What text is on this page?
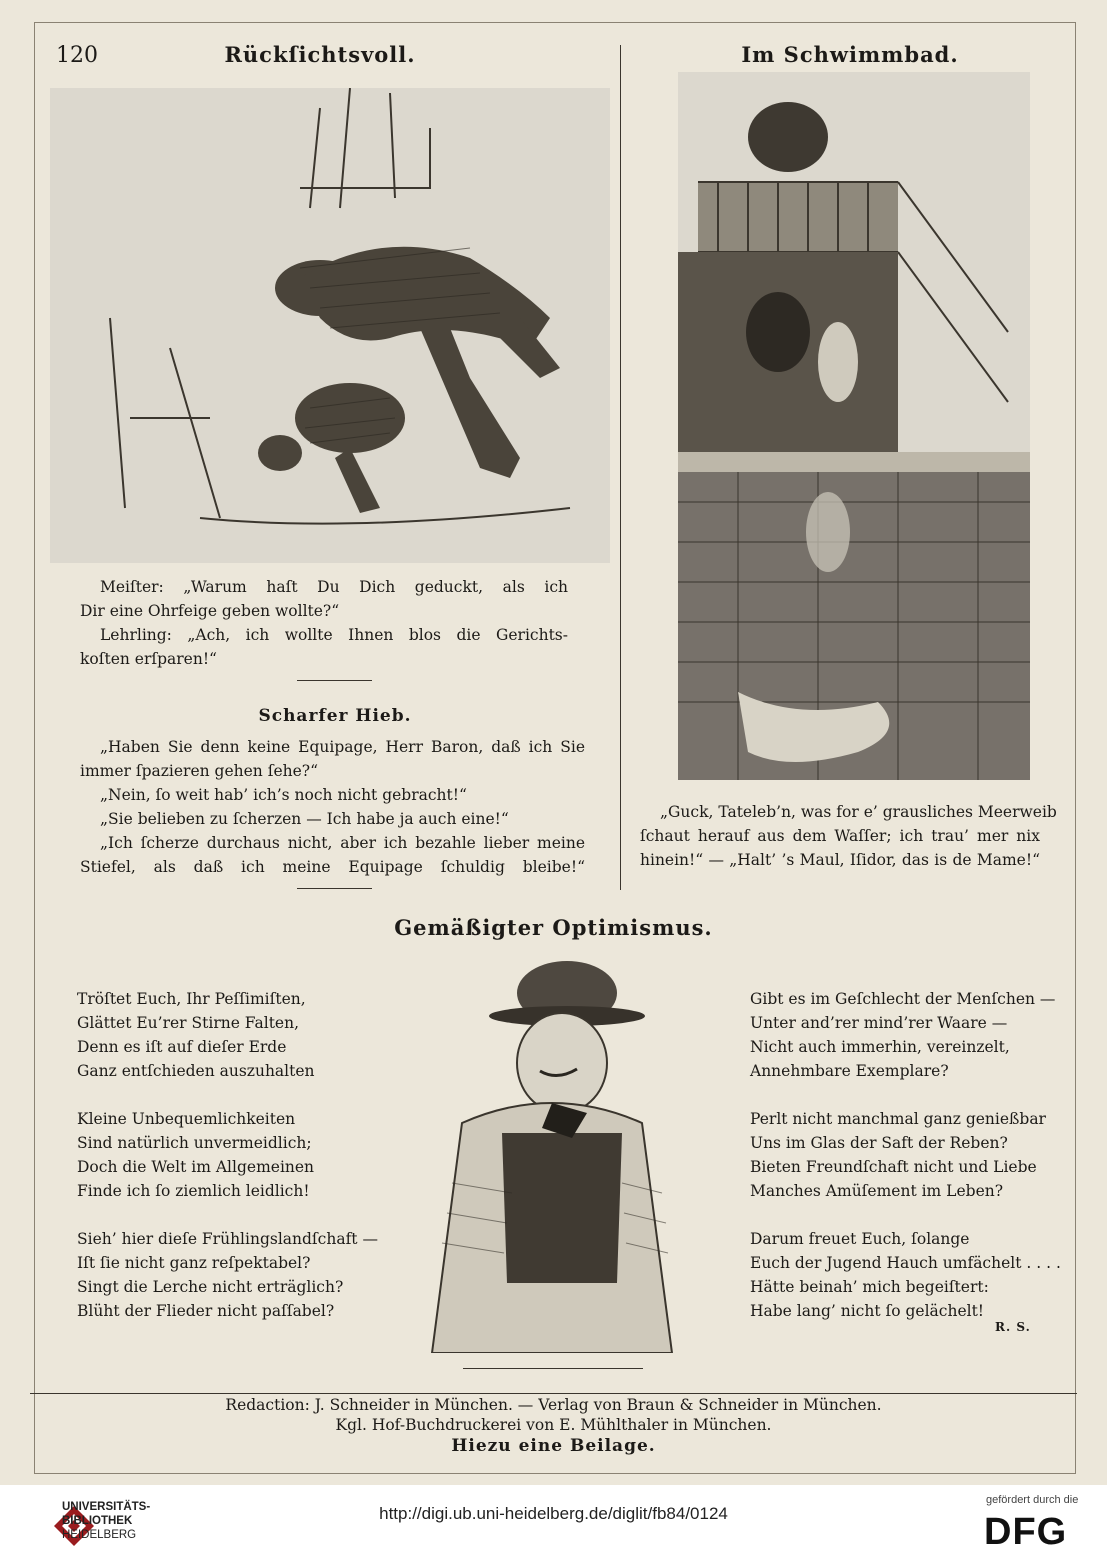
120	Rückſichtsvoll.
Meiſter: „Warum haſt Du Dich geduckt, als ich
Dir eine Ohrfeige geben wollte?“
Lehrling: „Ach, ich wollte Ihnen blos die Gerichts-
koſten erſparen!“
Scharfer Hieb.
„Haben Sie denn keine Equipage, Herr Baron, daß ich Sie
immer ſpazieren gehen ſehe?“
„Nein, ſo weit hab’ ich’s noch nicht gebracht!“
„Sie belieben zu ſcherzen — Ich habe ja auch eine!“
„Ich ſcherze durchaus nicht, aber ich bezahle lieber meine
Stiefel, als daß ich meine Equipage ſchuldig bleibe!“
Im Schwimmbad.
„Guck, Tateleb’n, was for e’ grausliches Meerweib
ſchaut herauf aus dem Waſſer; ich trau’ mer nix
hinein!“ — „Halt’ ’s Maul, Iſidor, das is de Mame!“
Gemäßigter Optimismus.
Tröſtet Euch, Ihr Peſſimiſten,
Glättet Eu’rer Stirne Falten,
Denn es iſt auf dieſer Erde
Ganz entſchieden auszuhalten
Kleine Unbequemlichkeiten
Sind natürlich unvermeidlich;
Doch die Welt im Allgemeinen
Finde ich ſo ziemlich leidlich!
Sieh’ hier dieſe Frühlingslandſchaft —
Iſt ſie nicht ganz reſpektabel?
Singt die Lerche nicht erträglich?
Blüht der Flieder nicht paſſabel?
Gibt es im Geſchlecht der Menſchen —
Unter and’rer mind’rer Waare —
Nicht auch immerhin, vereinzelt,
Annehmbare Exemplare?
Perlt nicht manchmal ganz genießbar
Uns im Glas der Saft der Reben?
Bieten Freundſchaft nicht und Liebe
Manches Amüſement im Leben?
Darum freuet Euch, ſolange
Euch der Jugend Hauch umfächelt . . . .
Hätte beinah’ mich begeiſtert:
Habe lang’ nicht ſo gelächelt!
R. S.
Redaction: J. Schneider in München. — Verlag von Braun & Schneider in München.
Kgl. Hof-Buchdruckerei von E. Mühlthaler in München.
Hiezu eine Beilage.
UNIVERSITÄTS-
BIBLIOTHEK
HEIDELBERG
http://digi.ub.uni-heidelberg.de/diglit/fb84/0124
gefördert durch die
DFG
